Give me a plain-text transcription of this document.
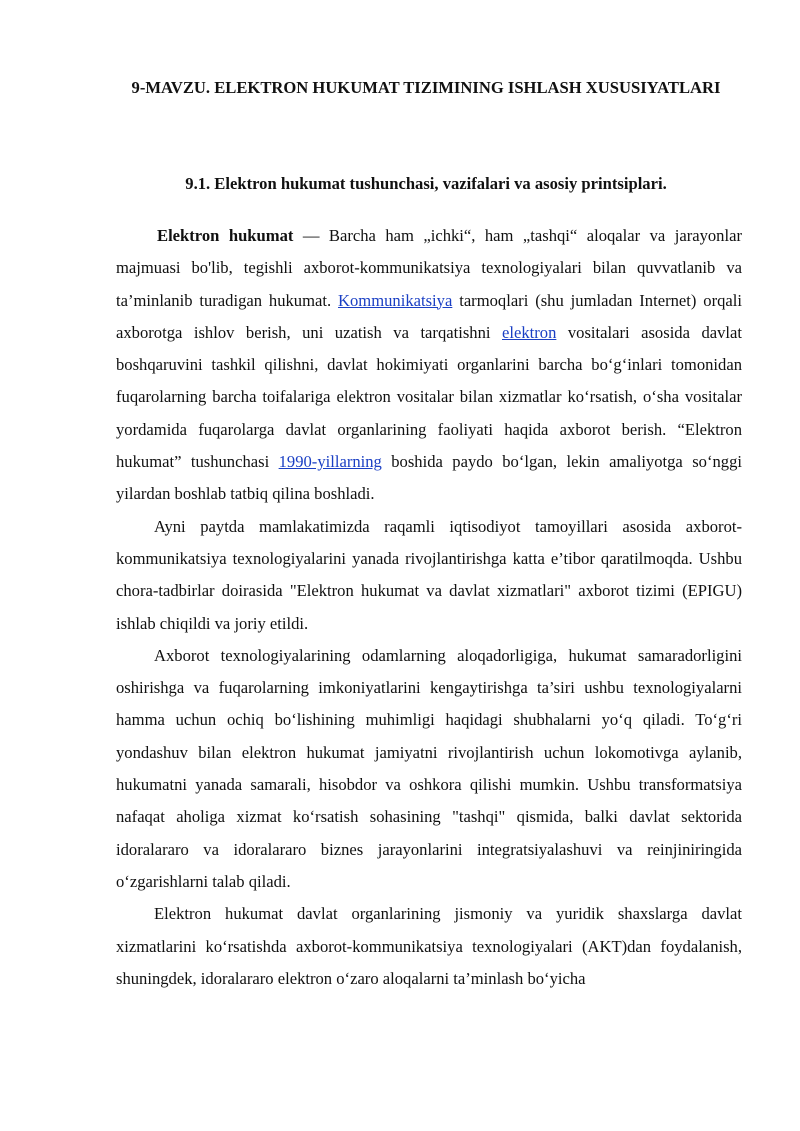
9-MAVZU. ELEKTRON HUKUMAT TIZIMINING ISHLASH XUSUSIYATLARI
9.1. Elektron hukumat tushunchasi, vazifalari va asosiy printsiplari.

Elektron hukumat — Barcha ham „ichki“, ham „tashqi“ aloqalar va jarayonlar majmuasi bo'lib, tegishli axborot-kommunikatsiya texnologiyalari bilan quvvatlanib va ta’minlanib turadigan hukumat. Kommunikatsiya tarmoqlari (shu jumladan Internet) orqali axborotga ishlov berish, uni uzatish va tarqatishni elektron vositalari asosida davlat boshqaruvini tashkil qilishni, davlat hokimiyati organlarini barcha boʻgʻinlari tomonidan fuqarolarning barcha toifalariga elektron vositalar bilan xizmatlar koʻrsatish, oʻsha vositalar yordamida fuqarolarga davlat organlarining faoliyati haqida axborot berish. “Elektron hukumat” tushunchasi 1990-yillarning boshida paydo boʻlgan, lekin amaliyotga soʻnggi yilardan boshlab tatbiq qilina boshladi.

Ayni paytda mamlakatimizda raqamli iqtisodiyot tamoyillari asosida axborot-kommunikatsiya texnologiyalarini yanada rivojlantirishga katta e’tibor qaratilmoqda. Ushbu chora-tadbirlar doirasida "Elektron hukumat va davlat xizmatlari" axborot tizimi (EPIGU) ishlab chiqildi va joriy etildi.

Axborot texnologiyalarining odamlarning aloqadorligiga, hukumat samaradorligini oshirishga va fuqarolarning imkoniyatlarini kengaytirishga ta’siri ushbu texnologiyalarni hamma uchun ochiq boʻlishining muhimligi haqidagi shubhalarni yoʻq qiladi. Toʻgʻri yondashuv bilan elektron hukumat jamiyatni rivojlantirish uchun lokomotivga aylanib, hukumatni yanada samarali, hisobdor va oshkora qilishi mumkin. Ushbu transformatsiya nafaqat aholiga xizmat koʻrsatish sohasining "tashqi" qismida, balki davlat sektorida idoralararo va idoralararo biznes jarayonlarini integratsiyalashuvi va reinjiniringida oʻzgarishlarni talab qiladi.

Elektron hukumat davlat organlarining jismoniy va yuridik shaxslarga davlat xizmatlarini koʻrsatishda axborot-kommunikatsiya texnologiyalari (AKT)dan foydalanish, shuningdek, idoralararo elektron oʻzaro aloqalarni ta’minlash boʻyicha
